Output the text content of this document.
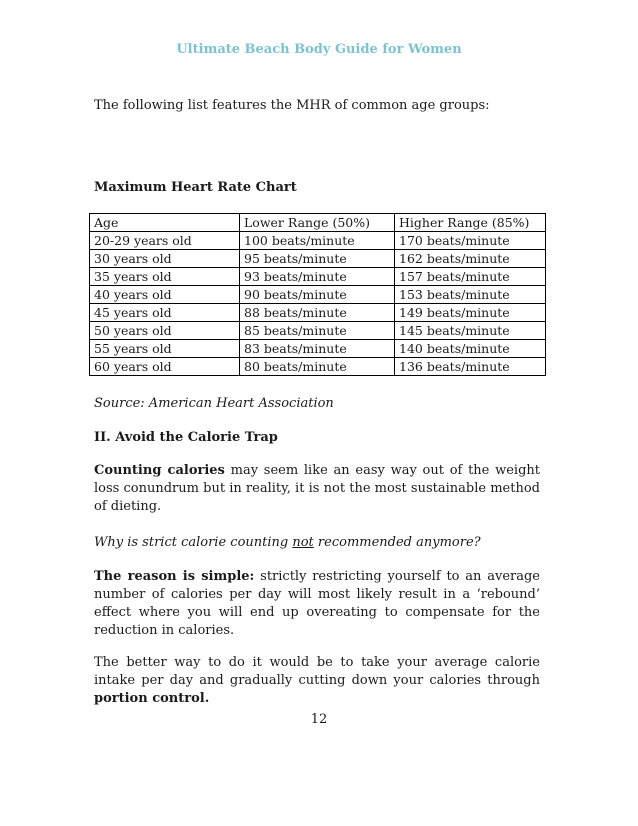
Ultimate Beach Body Guide for Women
The following list features the MHR of common age groups:
Maximum Heart Rate Chart
Age	Lower Range (50%)	Higher Range (85%)
20-29 years old	100 beats/minute	170 beats/minute
30 years old	95 beats/minute	162 beats/minute
35 years old	93 beats/minute	157 beats/minute
40 years old	90 beats/minute	153 beats/minute
45 years old	88 beats/minute	149 beats/minute
50 years old	85 beats/minute	145 beats/minute
55 years old	83 beats/minute	140 beats/minute
60 years old	80 beats/minute	136 beats/minute
Source: American Heart Association
II. Avoid the Calorie Trap
Counting calories may seem like an easy way out of the weight loss conundrum but in reality, it is not the most sustainable method of dieting.
Why is strict calorie counting not recommended anymore?
The reason is simple: strictly restricting yourself to an average number of calories per day will most likely result in a ‘rebound’ effect where you will end up overeating to compensate for the reduction in calories.
The better way to do it would be to take your average calorie intake per day and gradually cutting down your calories through portion control.
12
